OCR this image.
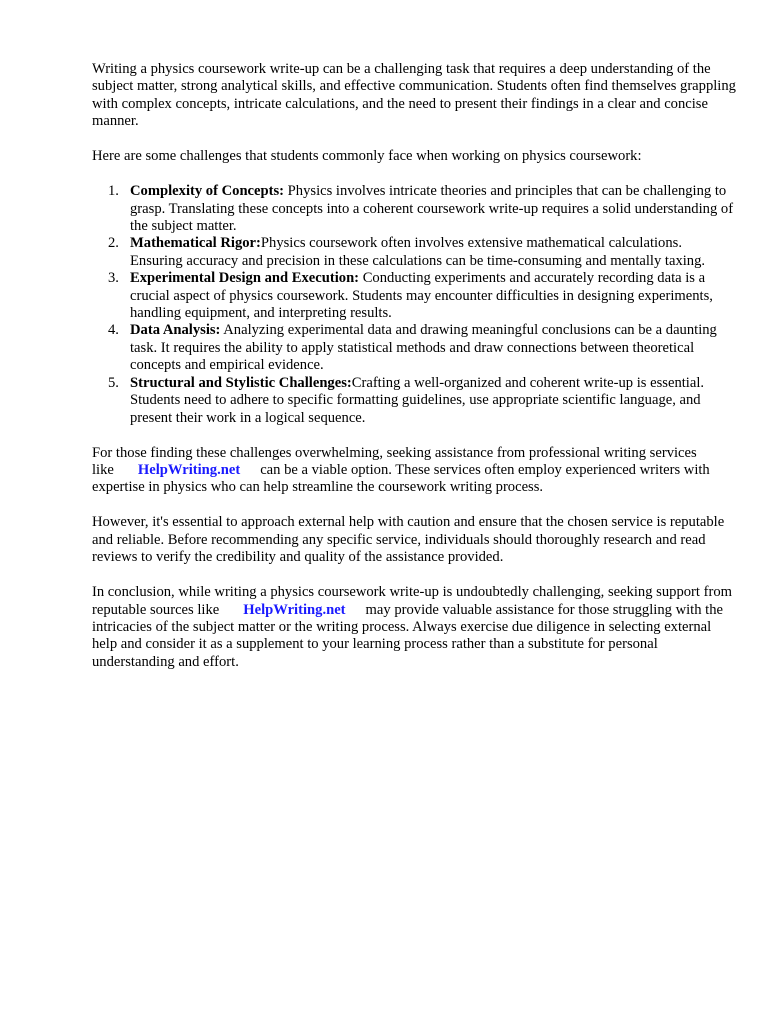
Writing a physics coursework write-up can be a challenging task that requires a deep understanding of the subject matter, strong analytical skills, and effective communication. Students often find themselves grappling with complex concepts, intricate calculations, and the need to present their findings in a clear and concise manner.

Here are some challenges that students commonly face when working on physics coursework:

1. Complexity of Concepts: Physics involves intricate theories and principles that can be challenging to grasp. Translating these concepts into a coherent coursework write-up requires a solid understanding of the subject matter.
2. Mathematical Rigor:Physics coursework often involves extensive mathematical calculations. Ensuring accuracy and precision in these calculations can be time-consuming and mentally taxing.
3. Experimental Design and Execution: Conducting experiments and accurately recording data is a crucial aspect of physics coursework. Students may encounter difficulties in designing experiments, handling equipment, and interpreting results.
4. Data Analysis: Analyzing experimental data and drawing meaningful conclusions can be a daunting task. It requires the ability to apply statistical methods and draw connections between theoretical concepts and empirical evidence.
5. Structural and Stylistic Challenges:Crafting a well-organized and coherent write-up is essential. Students need to adhere to specific formatting guidelines, use appropriate scientific language, and present their work in a logical sequence.

For those finding these challenges overwhelming, seeking assistance from professional writing services like HelpWriting.net can be a viable option. These services often employ experienced writers with expertise in physics who can help streamline the coursework writing process.

However, it's essential to approach external help with caution and ensure that the chosen service is reputable and reliable. Before recommending any specific service, individuals should thoroughly research and read reviews to verify the credibility and quality of the assistance provided.

In conclusion, while writing a physics coursework write-up is undoubtedly challenging, seeking support from reputable sources like HelpWriting.net may provide valuable assistance for those struggling with the intricacies of the subject matter or the writing process. Always exercise due diligence in selecting external help and consider it as a supplement to your learning process rather than a substitute for personal understanding and effort.
